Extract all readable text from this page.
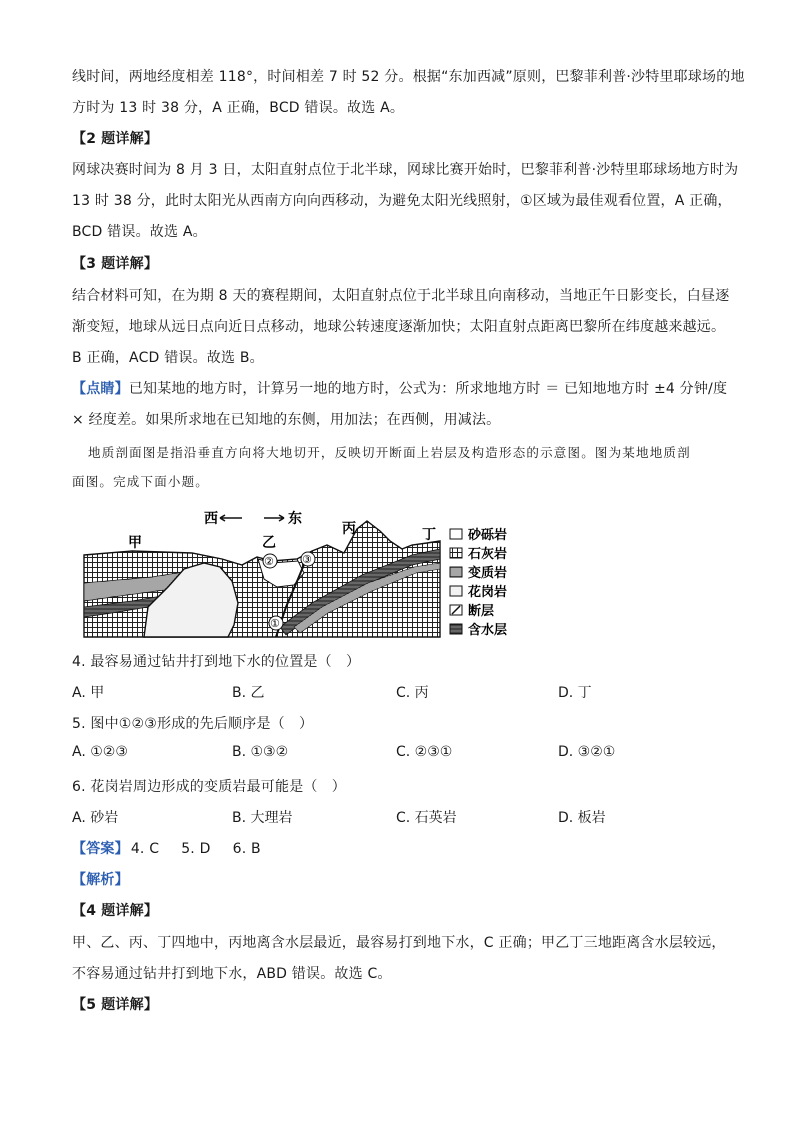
线时间，两地经度相差 118°，时间相差 7 时 52 分。根据“东加西减”原则，巴黎菲利普·沙特里耶球场的地
方时为 13 时 38 分，A 正确，BCD 错误。故选 A。
【2 题详解】
网球决赛时间为 8 月 3 日，太阳直射点位于北半球，网球比赛开始时，巴黎菲利普·沙特里耶球场地方时为
13 时 38 分，此时太阳光从西南方向向西移动，为避免太阳光线照射，①区域为最佳观看位置，A 正确，
BCD 错误。故选 A。
【3 题详解】
结合材料可知，在为期 8 天的赛程期间，太阳直射点位于北半球且向南移动，当地正午日影变长，白昼逐
渐变短，地球从远日点向近日点移动，地球公转速度逐渐加快；太阳直射点距离巴黎所在纬度越来越远。
B 正确，ACD 错误。故选 B。
【点睛】已知某地的地方时，计算另一地的地方时，公式为：所求地地方时 ＝ 已知地地方时 ±4 分钟/度
× 经度差。如果所求地在已知地的东侧，用加法；在西侧，用减法。
地质剖面图是指沿垂直方向将大地切开，反映切开断面上岩层及构造形态的示意图。图为某地地质剖
面图。完成下面小题。
西	东
②	③
①
甲	乙
丙	丁 砂砾岩
石灰岩
变质岩
花岗岩
断层
含水层
4. 最容易通过钻井打到地下水的位置是（　）
A. 甲	B. 乙	C. 丙	D. 丁
5. 图中①②③形成的先后顺序是（　）
A. ①②③	B. ①③②	C. ②③①	D. ③②①
6. 花岗岩周边形成的变质岩最可能是（　）
A. 砂岩	B. 大理岩	C. 石英岩	D. 板岩
【答案】 4. C 5. D 6. B
【解析】
【4 题详解】
甲、乙、丙、丁四地中，丙地离含水层最近，最容易打到地下水，C 正确；甲乙丁三地距离含水层较远，
不容易通过钻井打到地下水，ABD 错误。故选 C。
【5 题详解】
